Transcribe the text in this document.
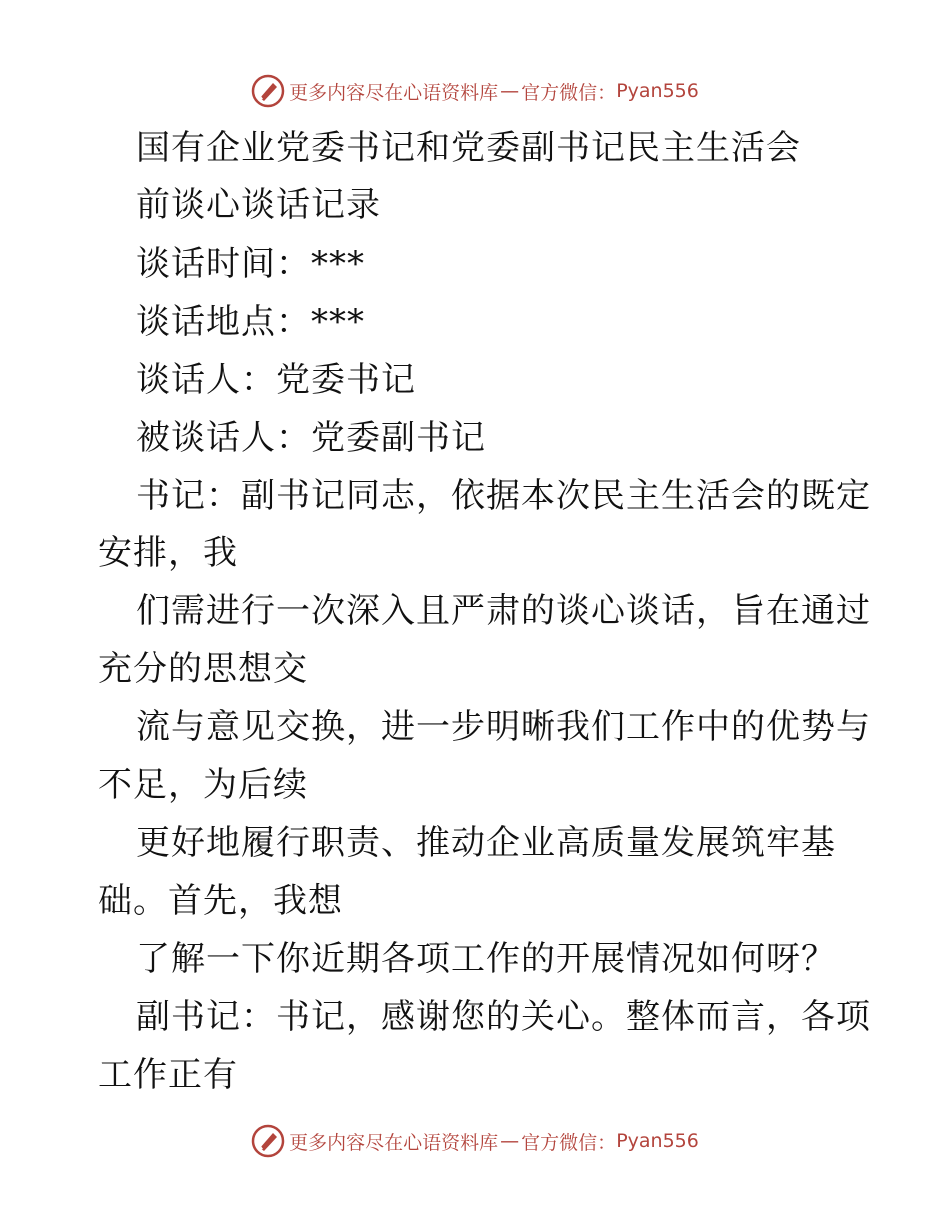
更多内容尽在心语资料库 — 官方微信： Pyan556
国有企业党委书记和党委副书记民主生活会
前谈心谈话记录
谈话时间：***
谈话地点：***
谈话人：党委书记
被谈话人：党委副书记
书记：副书记同志，依据本次民主生活会的既定
安排，我
们需进行一次深入且严肃的谈心谈话，旨在通过
充分的思想交
流与意见交换，进一步明晰我们工作中的优势与
不足，为后续
更好地履行职责、推动企业高质量发展筑牢基
础。首先，我想
了解一下你近期各项工作的开展情况如何呀？
副书记：书记，感谢您的关心。整体而言，各项
工作正有
更多内容尽在心语资料库 — 官方微信： Pyan556
